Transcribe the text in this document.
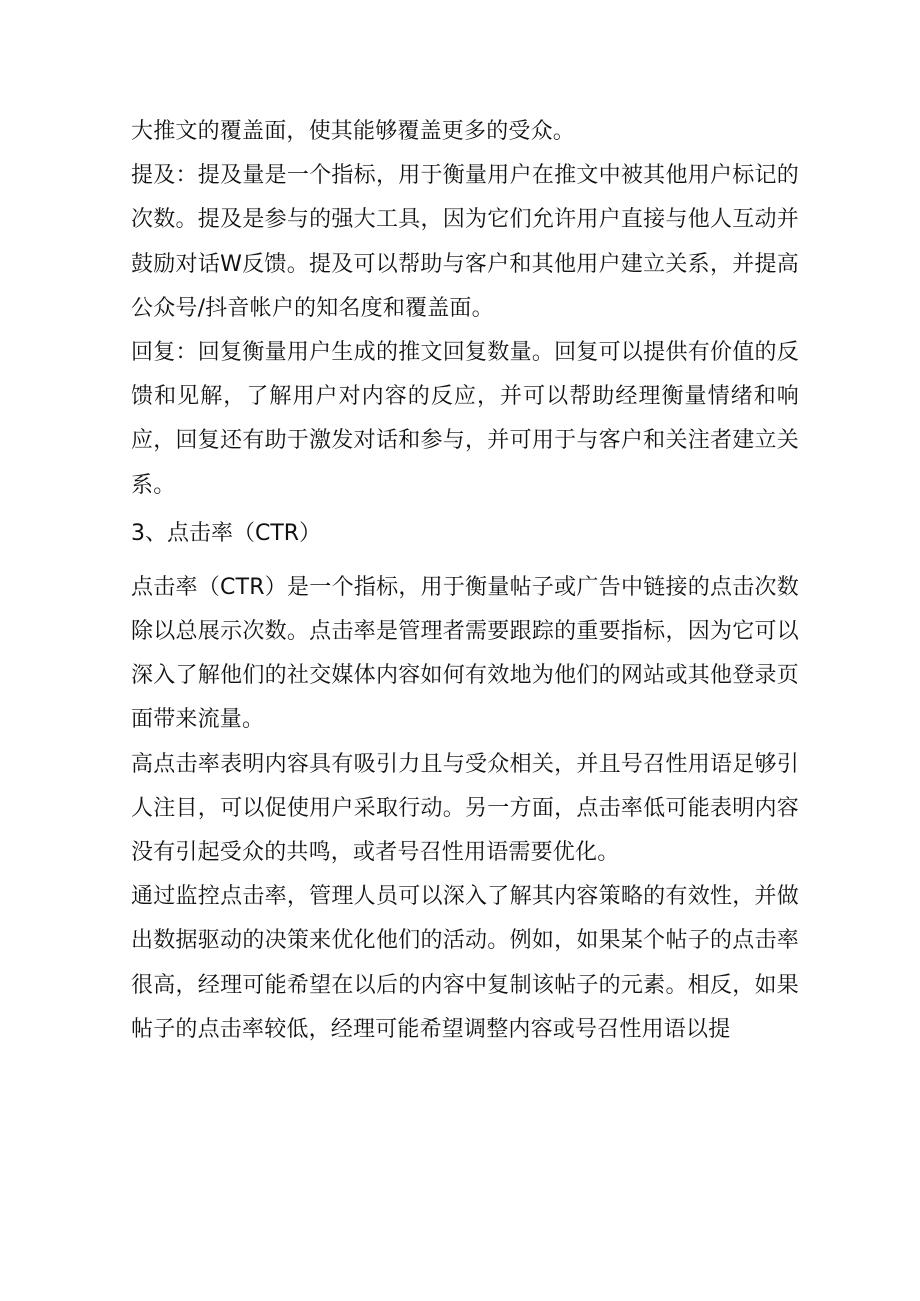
大推文的覆盖面，使其能够覆盖更多的受众。

提及：提及量是一个指标，用于衡量用户在推文中被其他用户标记的次数。提及是参与的强大工具，因为它们允许用户直接与他人互动并鼓励对话W反馈。提及可以帮助与客户和其他用户建立关系，并提高公众号/抖音帐户的知名度和覆盖面。

回复：回复衡量用户生成的推文回复数量。回复可以提供有价值的反馈和见解，了解用户对内容的反应，并可以帮助经理衡量情绪和响应，回复还有助于激发对话和参与，并可用于与客户和关注者建立关系。

3、点击率（CTR）

点击率（CTR）是一个指标，用于衡量帖子或广告中链接的点击次数除以总展示次数。点击率是管理者需要跟踪的重要指标，因为它可以深入了解他们的社交媒体内容如何有效地为他们的网站或其他登录页面带来流量。

高点击率表明内容具有吸引力且与受众相关，并且号召性用语足够引人注目，可以促使用户采取行动。另一方面，点击率低可能表明内容没有引起受众的共鸣，或者号召性用语需要优化。

通过监控点击率，管理人员可以深入了解其内容策略的有效性，并做出数据驱动的决策来优化他们的活动。例如，如果某个帖子的点击率很高，经理可能希望在以后的内容中复制该帖子的元素。相反，如果帖子的点击率较低，经理可能希望调整内容或号召性用语以提
